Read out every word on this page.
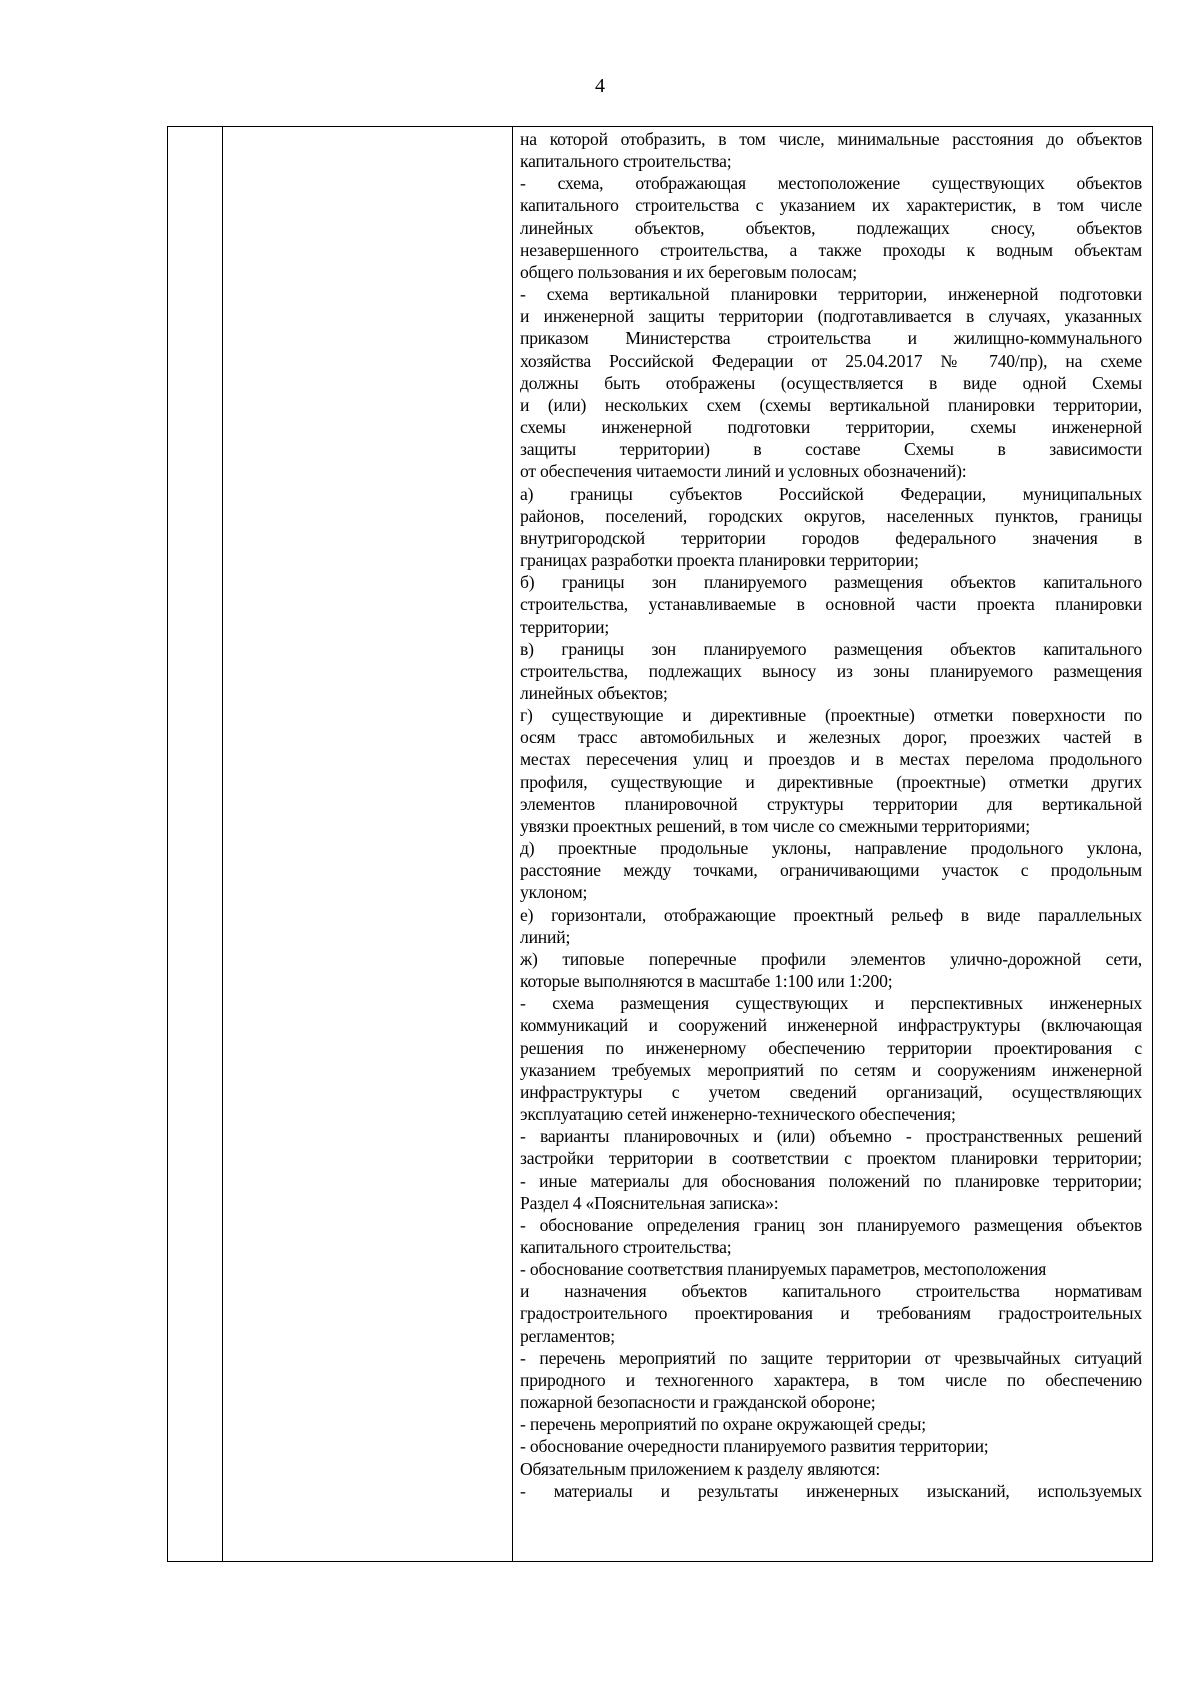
4
на которой отобразить, в том числе, минимальные расстояния до объектов
капитального строительства;
- схема, отображающая местоположение существующих объектов
капитального строительства с указанием их характеристик, в том числе
линейных объектов, объектов, подлежащих сносу, объектов
незавершенного строительства, а также проходы к водным объектам
общего пользования и их береговым полосам;
- схема вертикальной планировки территории, инженерной подготовки
и инженерной защиты территории (подготавливается в случаях, указанных
приказом Министерства строительства и жилищно-коммунального
хозяйства Российской Федерации от 25.04.2017 № 740/пр), на схеме
должны быть отображены (осуществляется в виде одной Схемы
и (или) нескольких схем (схемы вертикальной планировки территории,
схемы инженерной подготовки территории, схемы инженерной
защиты территории) в составе Схемы в зависимости
от обеспечения читаемости линий и условных обозначений):
а) границы субъектов Российской Федерации, муниципальных
районов, поселений, городских округов, населенных пунктов, границы
внутригородской территории городов федерального значения в
границах разработки проекта планировки территории;
б) границы зон планируемого размещения объектов капитального
строительства, устанавливаемые в основной части проекта планировки
территории;
в) границы зон планируемого размещения объектов капитального
строительства, подлежащих выносу из зоны планируемого размещения
линейных объектов;
г) существующие и директивные (проектные) отметки поверхности по
осям трасс автомобильных и железных дорог, проезжих частей в
местах пересечения улиц и проездов и в местах перелома продольного
профиля, существующие и директивные (проектные) отметки других
элементов планировочной структуры территории для вертикальной
увязки проектных решений, в том числе со смежными территориями;
д) проектные продольные уклоны, направление продольного уклона,
расстояние между точками, ограничивающими участок с продольным
уклоном;
е) горизонтали, отображающие проектный рельеф в виде параллельных
линий;
ж) типовые поперечные профили элементов улично-дорожной сети,
которые выполняются в масштабе 1:100 или 1:200;
- схема размещения существующих и перспективных инженерных
коммуникаций и сооружений инженерной инфраструктуры (включающая
решения по инженерному обеспечению территории проектирования с
указанием требуемых мероприятий по сетям и сооружениям инженерной
инфраструктуры с учетом сведений организаций, осуществляющих
эксплуатацию сетей инженерно-технического обеспечения;
- варианты планировочных и (или) объемно - пространственных решений
застройки территории в соответствии с проектом планировки территории;
- иные материалы для обоснования положений по планировке территории;
Раздел 4 «Пояснительная записка»:
- обоснование определения границ зон планируемого размещения объектов
капитального строительства;
- обоснование соответствия планируемых параметров, местоположения
и назначения объектов капитального строительства нормативам
градостроительного проектирования и требованиям градостроительных
регламентов;
- перечень мероприятий по защите территории от чрезвычайных ситуаций
природного и техногенного характера, в том числе по обеспечению
пожарной безопасности и гражданской обороне;
- перечень мероприятий по охране окружающей среды;
- обоснование очередности планируемого развития территории;
Обязательным приложением к разделу являются:
- материалы и результаты инженерных изысканий, используемых
